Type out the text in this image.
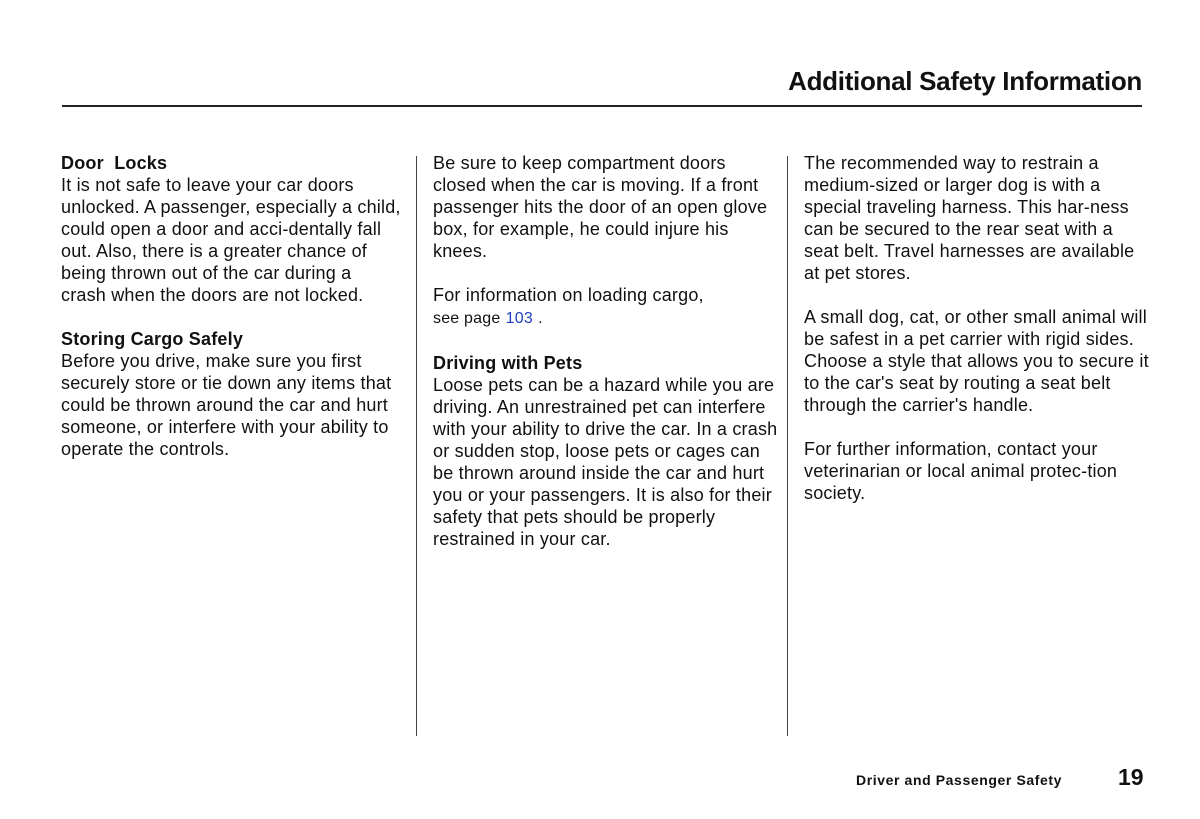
Additional Safety Information

Door  Locks

It is not safe to leave your car doors unlocked. A passenger, especially a child, could open a door and acci-dentally fall out. Also, there is a greater chance of being thrown out of the car during a crash when the doors are not locked.

Storing Cargo Safely

Before you drive, make sure you first securely store or tie down any items that could be thrown around the car and hurt someone, or interfere with your ability to operate the controls.

Be sure to keep compartment doors closed when the car is moving. If a front passenger hits the door of an open glove box, for example, he could injure his knees.

For information on loading cargo,
see page 103 .

Driving with Pets

Loose pets can be a hazard while you are driving. An unrestrained pet can interfere with your ability to drive the car. In a crash or sudden stop, loose pets or cages can be thrown around inside the car and hurt you or your passengers. It is also for their safety that pets should be properly restrained in your car.

The recommended way to restrain a medium-sized or larger dog is with a special traveling harness. This har-ness can be secured to the rear seat with a seat belt. Travel harnesses are available at pet stores.

A small dog, cat, or other small animal will be safest in a pet carrier with rigid sides. Choose a style that allows you to secure it to the car's seat by routing a seat belt through the carrier's handle.

For further information, contact your veterinarian or local animal protec-tion society.

Driver and Passenger Safety 19
